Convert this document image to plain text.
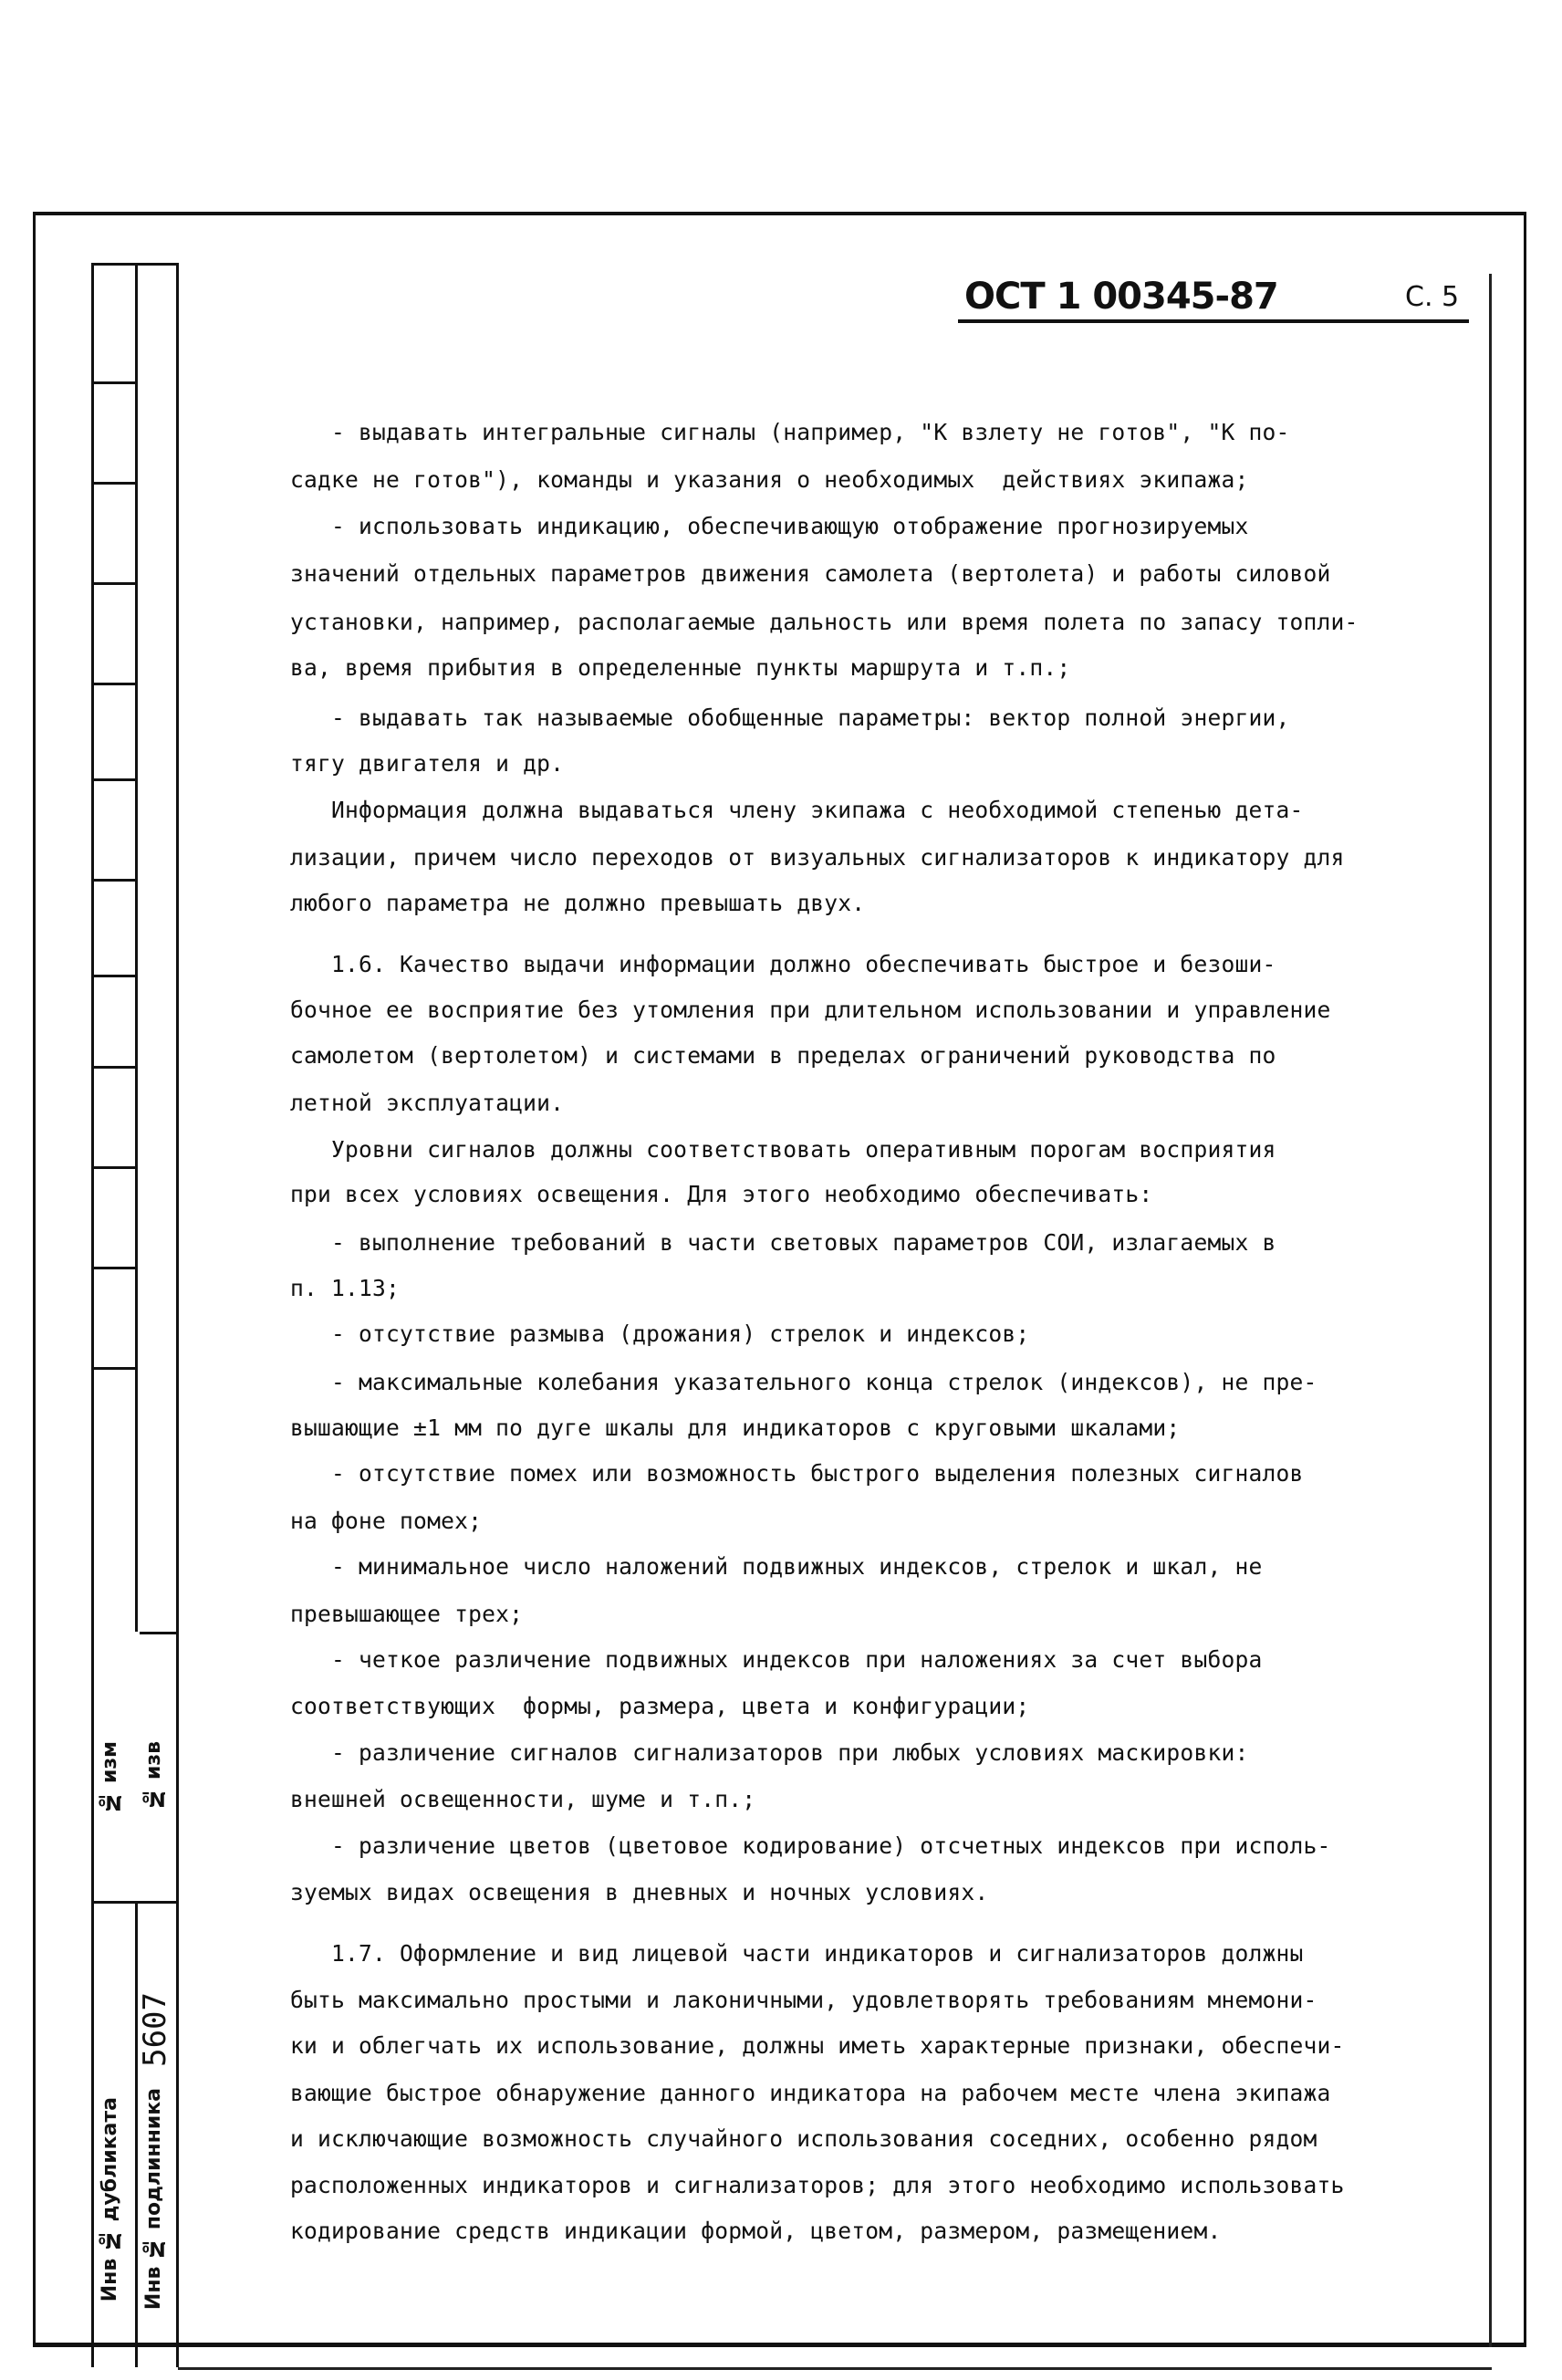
№ изм № изв
5607
Инв № дубликата Инв № подлинника
ОСТ 1 00345-87	С. 5
- выдавать интегральные сигналы (например, "К взлету не готов", "К по-
садке не готов"), команды и указания о необходимых  действиях экипажа;
- использовать индикацию, обеспечивающую отображение прогнозируемых
значений отдельных параметров движения самолета (вертолета) и работы силовой
установки, например, располагаемые дальность или время полета по запасу топли-
ва, время прибытия в определенные пункты маршрута и т.п.;
- выдавать так называемые обобщенные параметры: вектор полной энергии,
тягу двигателя и др.
Информация должна выдаваться члену экипажа с необходимой степенью дета-
лизации, причем число переходов от визуальных сигнализаторов к индикатору для
любого параметра не должно превышать двух.
1.6. Качество выдачи информации должно обеспечивать быстрое и безоши-
бочное ее восприятие без утомления при длительном использовании и управление
самолетом (вертолетом) и системами в пределах ограничений руководства по
летной эксплуатации.
Уровни сигналов должны соответствовать оперативным порогам восприятия
при всех условиях освещения. Для этого необходимо обеспечивать:
- выполнение требований в части световых параметров СОИ, излагаемых в
п. 1.13;
- отсутствие размыва (дрожания) стрелок и индексов;
- максимальные колебания указательного конца стрелок (индексов), не пре-
вышающие ±1 мм по дуге шкалы для индикаторов с круговыми шкалами;
- отсутствие помех или возможность быстрого выделения полезных сигналов
на фоне помех;
- минимальное число наложений подвижных индексов, стрелок и шкал, не
превышающее трех;
- четкое различение подвижных индексов при наложениях за счет выбора
соответствующих  формы, размера, цвета и конфигурации;
- различение сигналов сигнализаторов при любых условиях маскировки:
внешней освещенности, шуме и т.п.;
- различение цветов (цветовое кодирование) отсчетных индексов при исполь-
зуемых видах освещения в дневных и ночных условиях.
1.7. Оформление и вид лицевой части индикаторов и сигнализаторов должны
быть максимально простыми и лаконичными, удовлетворять требованиям мнемони-
ки и облегчать их использование, должны иметь характерные признаки, обеспечи-
вающие быстрое обнаружение данного индикатора на рабочем месте члена экипажа
и исключающие возможность случайного использования соседних, особенно рядом
расположенных индикаторов и сигнализаторов; для этого необходимо использовать
кодирование средств индикации формой, цветом, размером, размещением.
